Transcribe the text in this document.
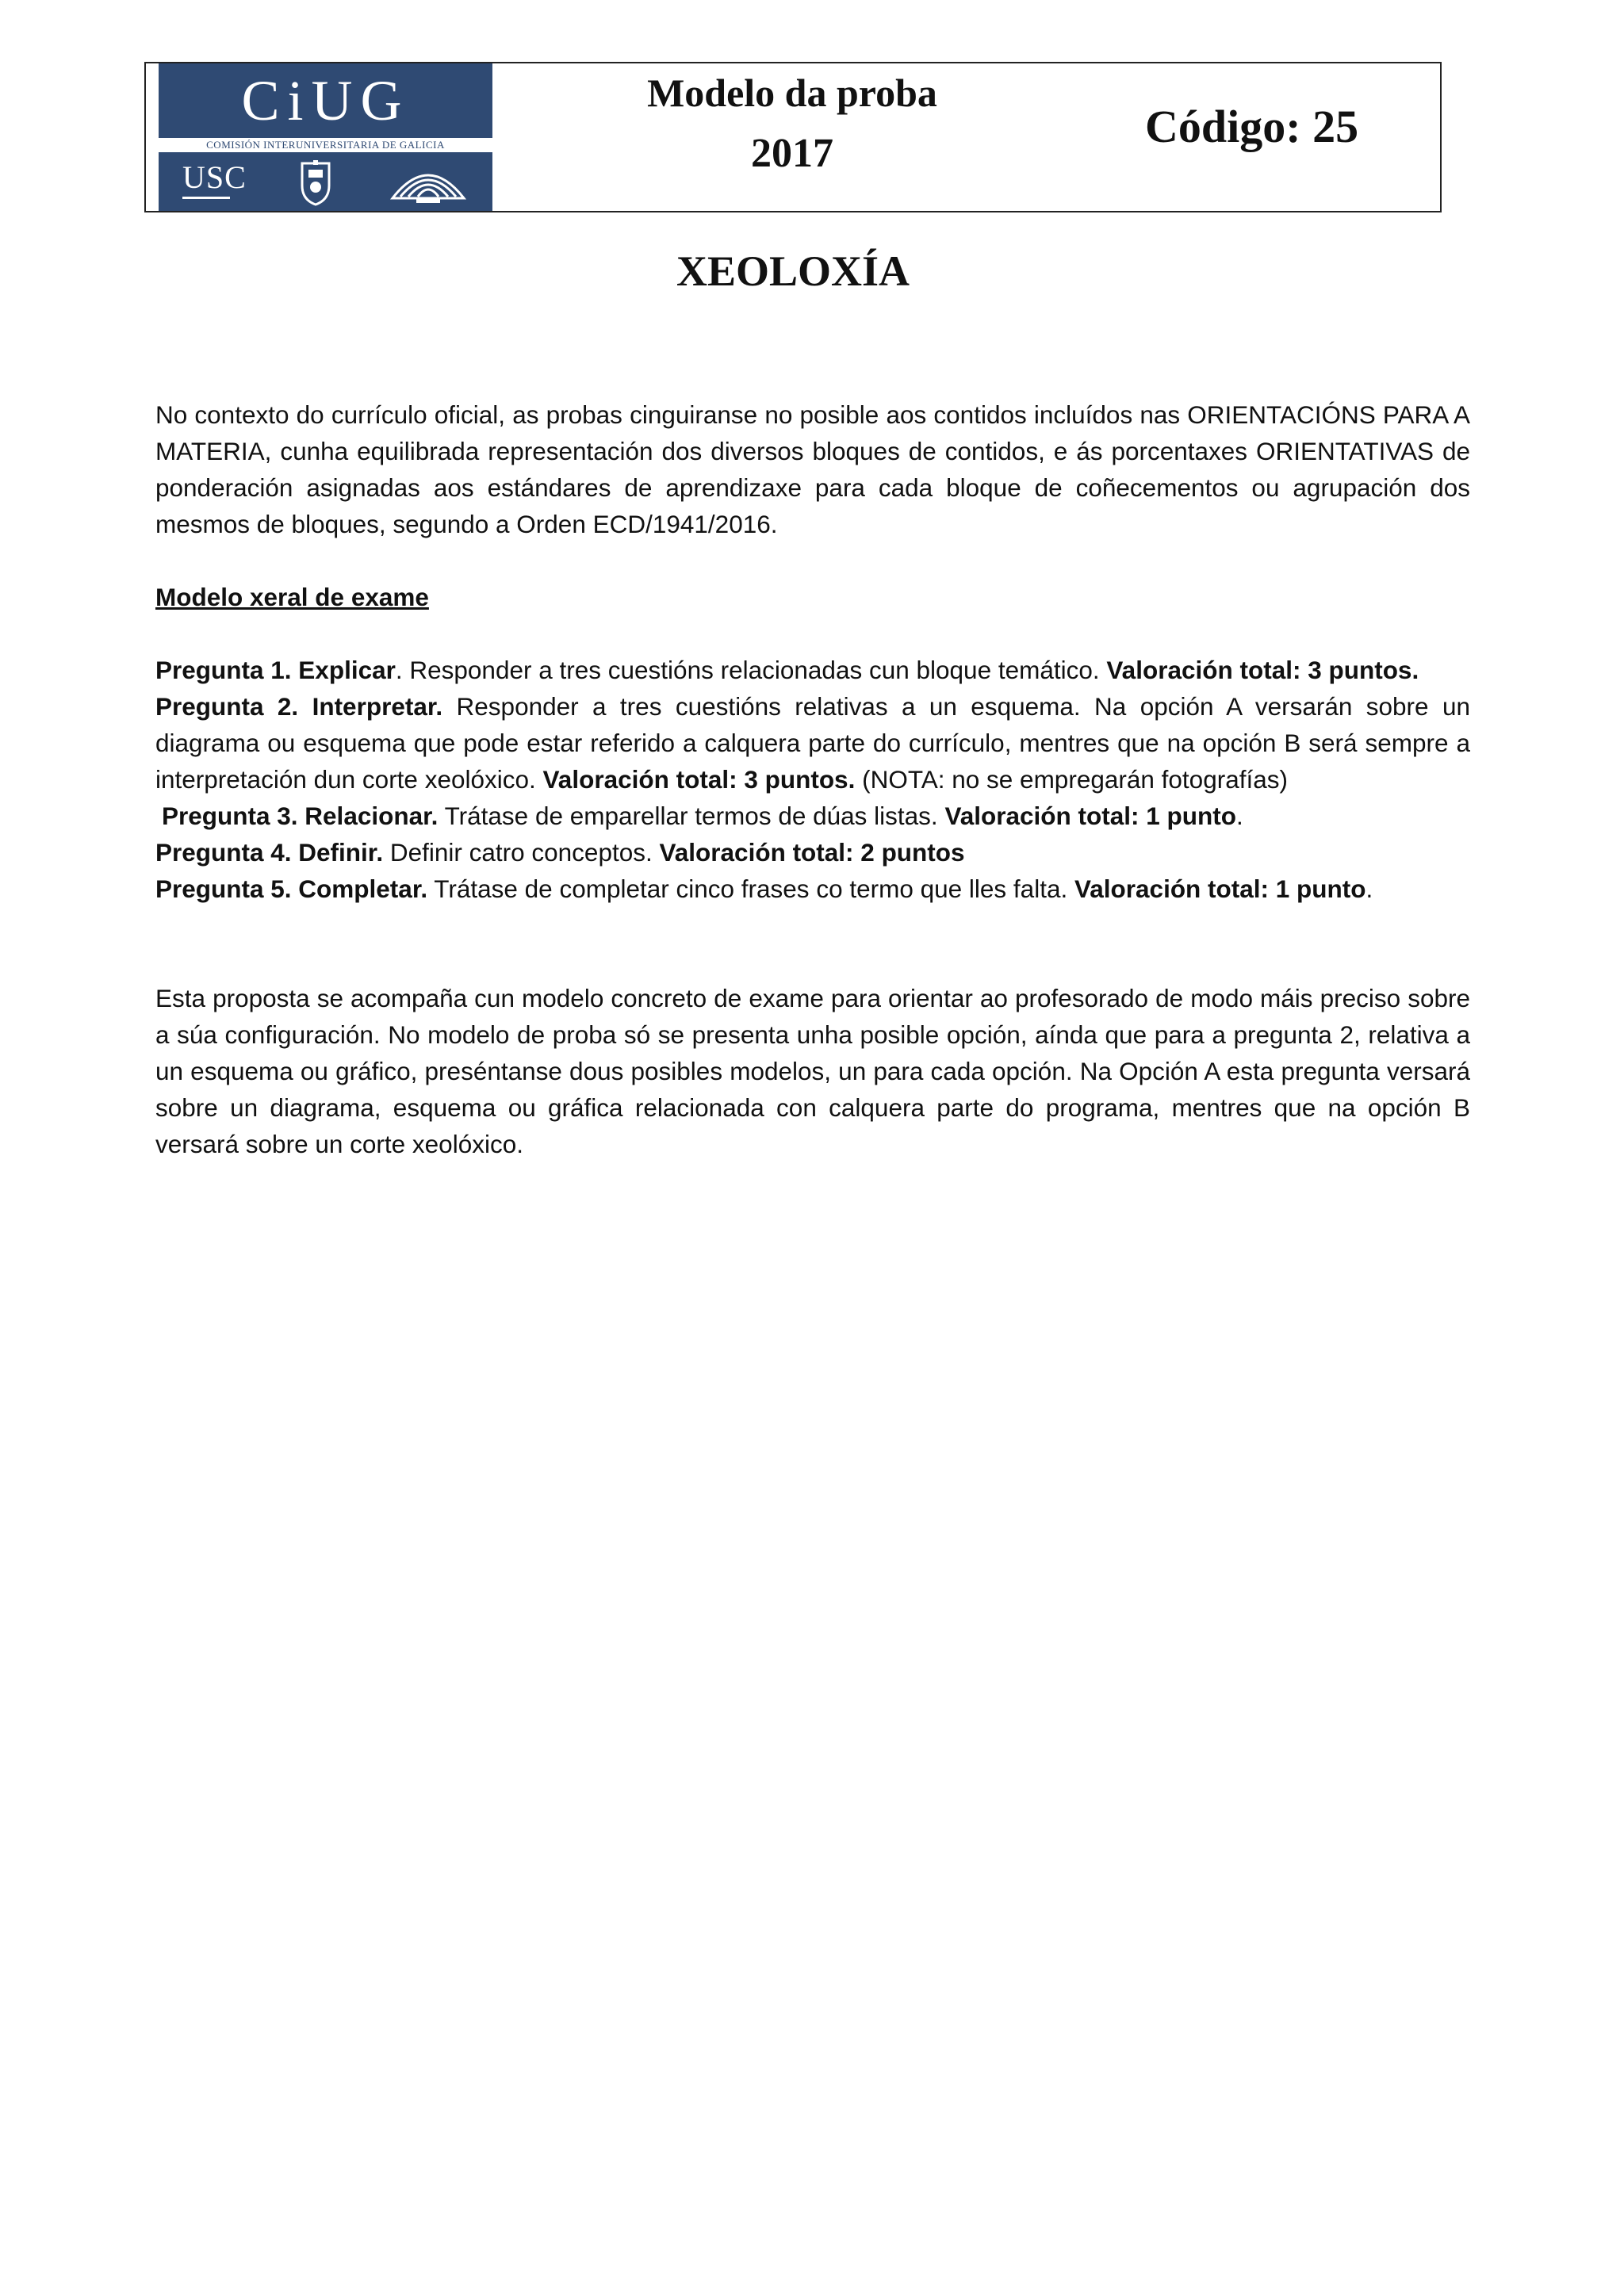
CiUG
COMISIÓN INTERUNIVERSITARIA DE GALICIA
USC
Modelo da proba
2017
Código: 25
XEOLOXÍA

No contexto do currículo oficial, as probas cinguiranse no posible aos contidos incluídos nas ORIENTACIÓNS PARA A MATERIA, cunha equilibrada representación dos diversos bloques de contidos, e ás porcentaxes ORIENTATIVAS de ponderación asignadas aos estándares de aprendizaxe para cada bloque de coñecementos ou agrupación dos mesmos de bloques, segundo a Orden ECD/1941/2016.

Modelo xeral de exame

Pregunta 1. Explicar. Responder a tres cuestións relacionadas cun bloque temático. Valoración total: 3 puntos.

Pregunta 2. Interpretar. Responder a tres cuestións relativas a un esquema. Na opción A versarán sobre un diagrama ou esquema que pode estar referido a calquera parte do currículo, mentres que na opción B será sempre a interpretación dun corte xeolóxico. Valoración total: 3 puntos. (NOTA: no se empregarán fotografías)

Pregunta 3. Relacionar. Trátase de emparellar termos de dúas listas. Valoración total: 1 punto.

Pregunta 4. Definir. Definir catro conceptos. Valoración total: 2 puntos

Pregunta 5. Completar. Trátase de completar cinco frases co termo que lles falta. Valoración total: 1 punto.

Esta proposta se acompaña cun modelo concreto de exame para orientar ao profesorado de modo máis preciso sobre a súa configuración. No modelo de proba só se presenta unha posible opción, aínda que para a pregunta 2, relativa a un esquema ou gráfico, preséntanse dous posibles modelos, un para cada opción. Na Opción A esta pregunta versará sobre un diagrama, esquema ou gráfica relacionada con calquera parte do programa, mentres que na opción B versará sobre un corte xeolóxico.
